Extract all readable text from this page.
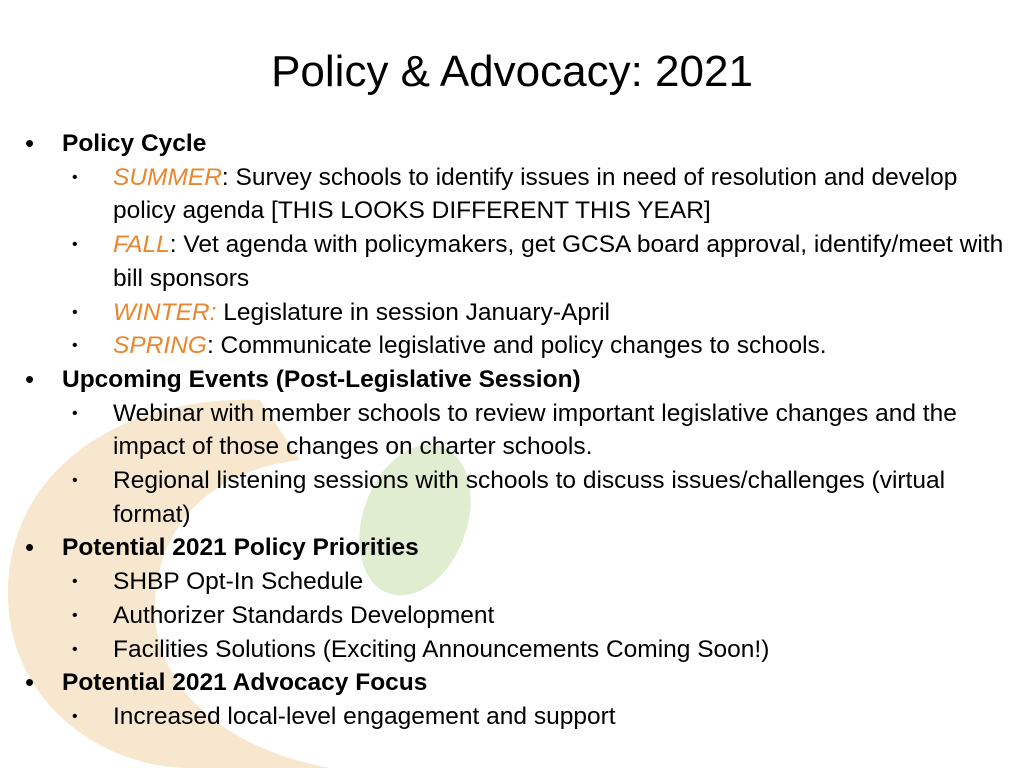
Policy & Advocacy: 2021
• Policy Cycle
• SUMMER: Survey schools to identify issues in need of resolution and develop policy agenda [THIS LOOKS DIFFERENT THIS YEAR]
• FALL: Vet agenda with policymakers, get GCSA board approval, identify/meet with bill sponsors
• WINTER: Legislature in session January-April
• SPRING: Communicate legislative and policy changes to schools.
• Upcoming Events (Post-Legislative Session)
• Webinar with member schools to review important legislative changes and the impact of those changes on charter schools.
• Regional listening sessions with schools to discuss issues/challenges (virtual format)
• Potential 2021 Policy Priorities
• SHBP Opt-In Schedule
• Authorizer Standards Development
• Facilities Solutions (Exciting Announcements Coming Soon!)
• Potential 2021 Advocacy Focus
• Increased local-level engagement and support
